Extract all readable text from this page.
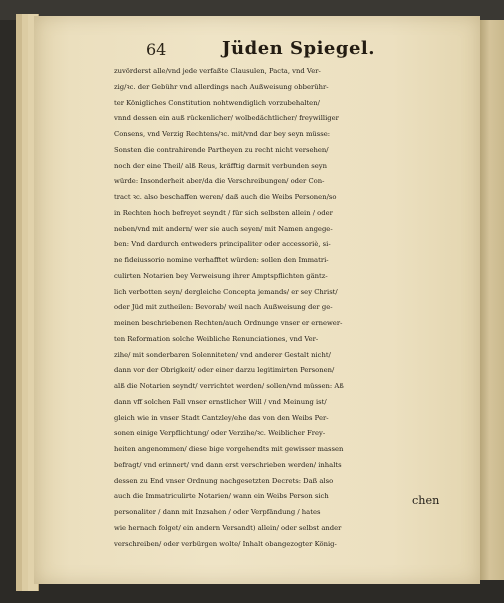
64	Jüden Spiegel.
zuvörderst alle/vnd jede verfaßte Clausulen, Pacta, vnd Ver-
zig/ꝛc. der Gebühr vnd allerdings nach Außweisung obberühr-
ter Königliches Constitution nohtwendiglich vorzubehalten/
vnnd dessen ein auß rückenlicher/ wolbedächtlicher/ freywilliger
Consens, vnd Verzig Rechtens/ꝛc. mit/vnd dar bey seyn müsse:
Sonsten die contrahirende Partheyen zu recht nicht versehen/
noch der eine Theil/ alß Reus, kräfftig darmit verbunden seyn
würde: Insonderheit aber/da die Verschreibungen/ oder Con-
tract ꝛc. also beschaffen weren/ daß auch die Weibs Personen/so
in Rechten hoch befreyet seyndt / für sich selbsten allein / oder
neben/vnd mit andern/ wer sie auch seyen/ mit Namen angege-
ben: Vnd dardurch entweders principaliter oder accessoriè, si-
ne fideiussorio nomine verhafftet würden: sollen den Immatri-
culirten Notarien bey Verweisung ihrer Amptspflichten gäntz-
lich verbotten seyn/ dergleiche Concepta jemands/ er sey Christ/
oder Jüd mit zutheilen: Bevorab/ weil nach Außweisung der ge-
meinen beschriebenen Rechten/auch Ordnunge vnser er ernewer-
ten Reformation solche Weibliche Renunciationes, vnd Ver-
zihe/ mit sonderbaren Solenniteten/ vnd anderer Gestalt nicht/
dann vor der Obrigkeit/ oder einer darzu legitimirten Personen/
alß die Notarien seyndt/ verrichtet werden/ sollen/vnd müssen: Aß
dann vff solchen Fall vnser ernstlicher Will / vnd Meinung ist/
gleich wie in vnser Stadt Cantzley/ehe das von den Weibs Per-
sonen einige Verpflichtung/ oder Verzihe/ꝛc. Weiblicher Frey-
heiten angenommen/ diese bige vorgehendts mit gewisser massen
befragt/ vnd erinnert/ vnd dann erst verschrieben werden/ inhalts
dessen zu End vnser Ordnung nachgesetzten Decrets: Daß also
auch die Immatriculirte Notarien/ wann ein Weibs Person sich
personaliter / dann mit Inzsahen / oder Verpfändung / hates
wie hernach folget/ ein andern Versandt) allein/ oder selbst ander
verschreiben/ oder verbürgen wolte/ Inhalt obangezogter König-
chen
